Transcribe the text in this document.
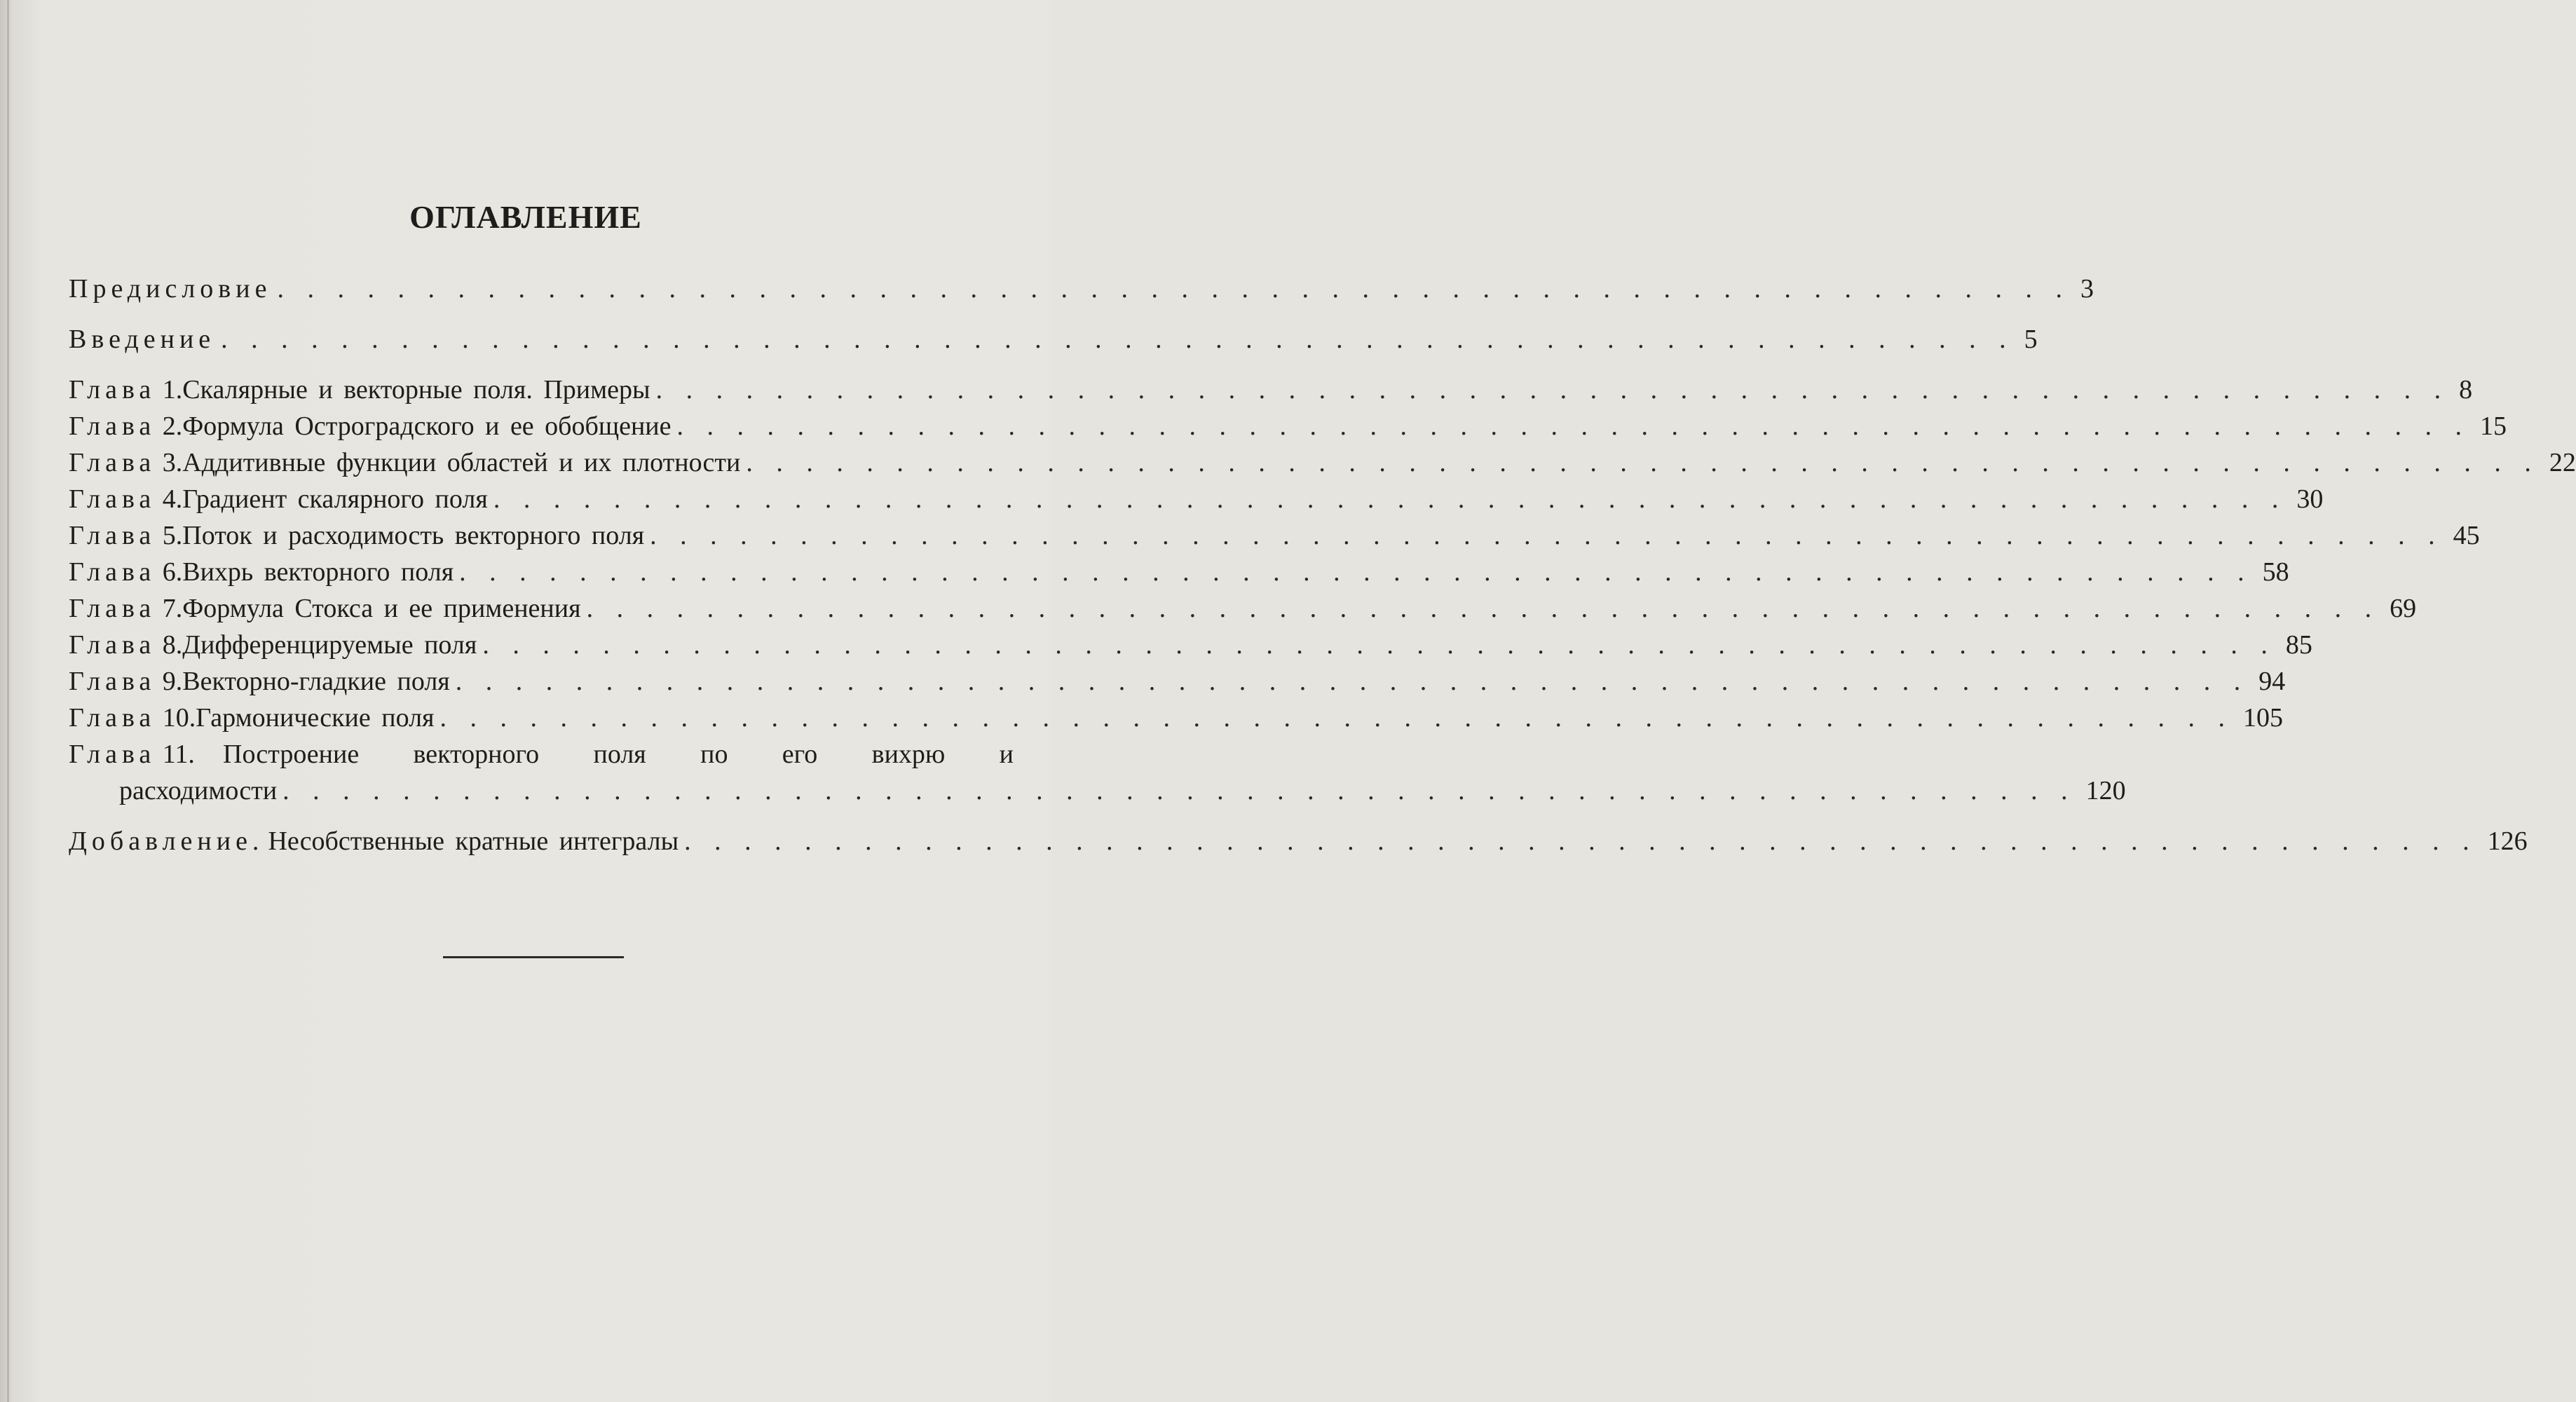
ОГЛАВЛЕНИЕ
Предисловие . . . . . . . . . . . . . . . . . . . . . . . . . . . . . . . . . . . . . . . . . . . . . . . . . . . . . . . . . . . . 3
Введение . . . . . . . . . . . . . . . . . . . . . . . . . . . . . . . . . . . . . . . . . . . . . . . . . . . . . . . . . . . . 5
Глава 1. Скалярные и векторные поля. Примеры . . . . . . . . . . . . . . . . . . . . . . . . . . . . . . . . . . . . . . . . . . . . . . . . . . . . . . . . . . . . 8
Глава 2. Формула Остроградского и ее обобщение . . . . . . . . . . . . . . . . . . . . . . . . . . . . . . . . . . . . . . . . . . . . . . . . . . . . . . . . . . . . 15
Глава 3. Аддитивные функции областей и их плотности . . . . . . . . . . . . . . . . . . . . . . . . . . . . . . . . . . . . . . . . . . . . . . . . . . . . . . . . . . . . 22
Глава 4. Градиент скалярного поля . . . . . . . . . . . . . . . . . . . . . . . . . . . . . . . . . . . . . . . . . . . . . . . . . . . . . . . . . . . . 30
Глава 5. Поток и расходимость векторного поля . . . . . . . . . . . . . . . . . . . . . . . . . . . . . . . . . . . . . . . . . . . . . . . . . . . . . . . . . . . . 45
Глава 6. Вихрь векторного поля . . . . . . . . . . . . . . . . . . . . . . . . . . . . . . . . . . . . . . . . . . . . . . . . . . . . . . . . . . . . 58
Глава 7. Формула Стокса и ее применения . . . . . . . . . . . . . . . . . . . . . . . . . . . . . . . . . . . . . . . . . . . . . . . . . . . . . . . . . . . . 69
Глава 8. Дифференцируемые поля . . . . . . . . . . . . . . . . . . . . . . . . . . . . . . . . . . . . . . . . . . . . . . . . . . . . . . . . . . . . 85
Глава 9. Векторно-гладкие поля . . . . . . . . . . . . . . . . . . . . . . . . . . . . . . . . . . . . . . . . . . . . . . . . . . . . . . . . . . . . 94
Глава 10. Гармонические поля . . . . . . . . . . . . . . . . . . . . . . . . . . . . . . . . . . . . . . . . . . . . . . . . . . . . . . . . . . . . 105
Глава 11.	Построение векторного поля по его вихрю и
расходимости . . . . . . . . . . . . . . . . . . . . . . . . . . . . . . . . . . . . . . . . . . . . . . . . . . . . . . . . . . . . 120
Добавление. Несобственные кратные интегралы . . . . . . . . . . . . . . . . . . . . . . . . . . . . . . . . . . . . . . . . . . . . . . . . . . . . . . . . . . . . 126
